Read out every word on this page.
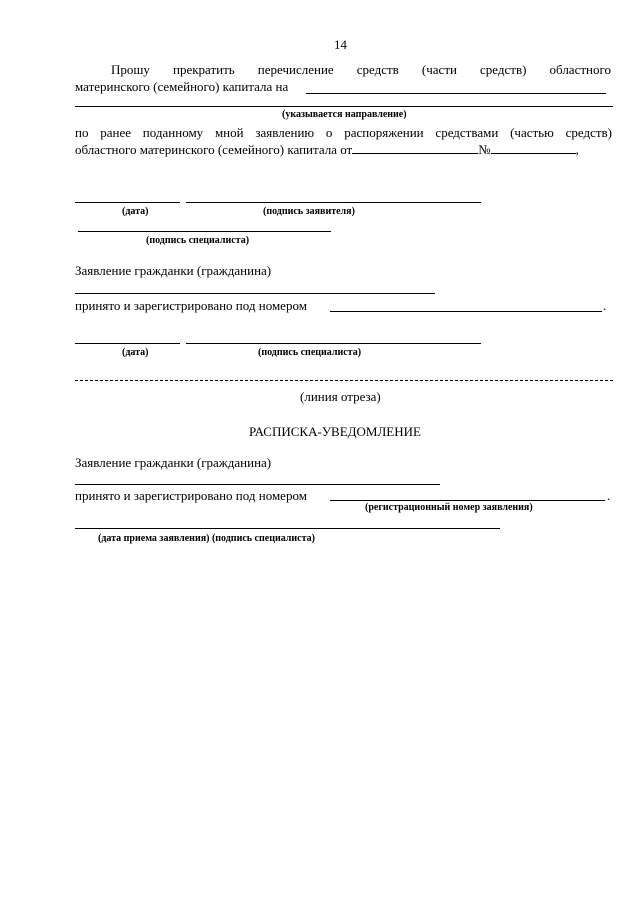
14
Прошу прекратить перечисление средств (части средств) областного
материнского (семейного) капитала на
(указывается направление)
по ранее поданному мной заявлению о распоряжении средствами (частью средств)
областного материнского (семейного) капитала от	№	,
(дата)	(подпись заявителя)
(подпись специалиста)
Заявление гражданки (гражданина)
принято и зарегистрировано под номером	.
(дата)	(подпись специалиста)
(линия отреза)
РАСПИСКА-УВЕДОМЛЕНИЕ
Заявление гражданки (гражданина)
принято и зарегистрировано под номером	.
(регистрационный номер заявления)
(дата приема заявления) (подпись специалиста)
